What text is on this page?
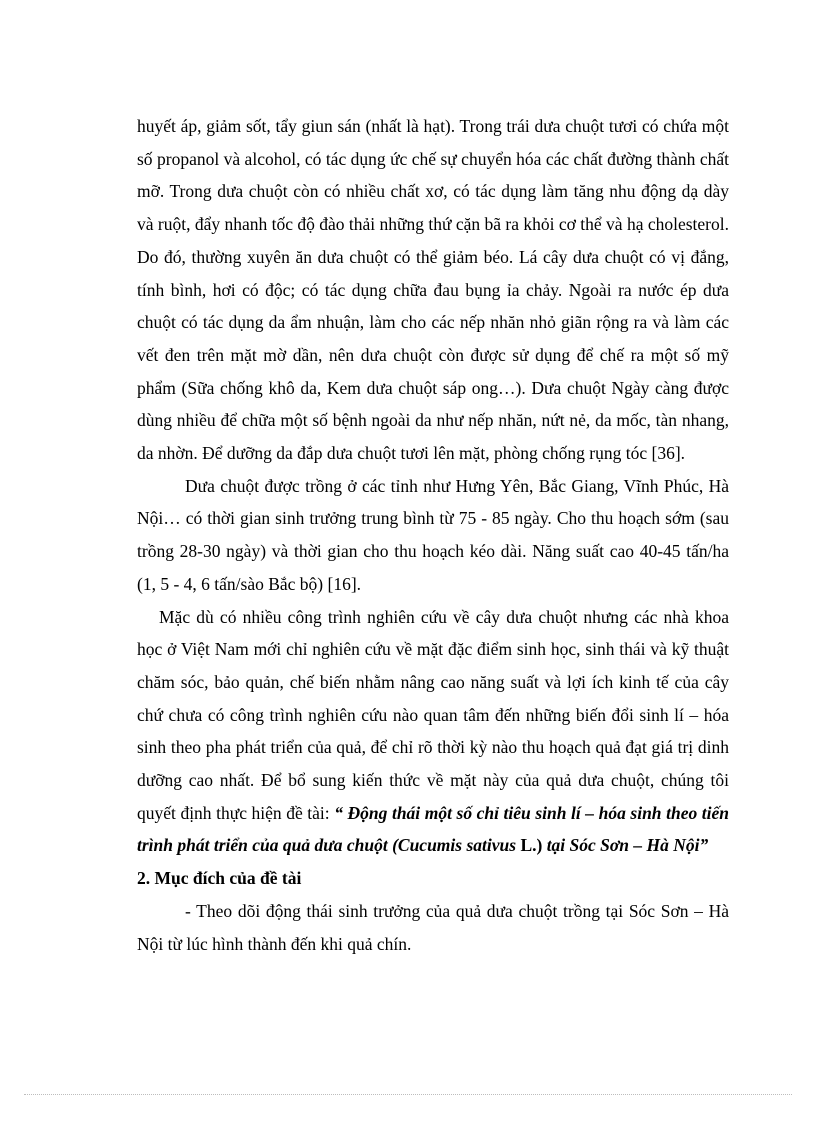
huyết áp, giảm sốt, tẩy giun sán (nhất là hạt). Trong trái dưa chuột tươi có chứa một số propanol và alcohol, có tác dụng ức chế sự chuyển hóa các chất đường thành chất mỡ. Trong dưa chuột còn có nhiều chất xơ, có tác dụng làm tăng nhu động dạ dày và ruột, đẩy nhanh tốc độ đào thải những thứ cặn bã ra khỏi cơ thể và hạ cholesterol. Do đó, thường xuyên ăn dưa chuột có thể giảm béo. Lá cây dưa chuột có vị đắng, tính bình, hơi có độc; có tác dụng chữa đau bụng ỉa chảy. Ngoài ra nước ép dưa chuột có tác dụng da ẩm nhuận, làm cho các nếp nhăn nhỏ giãn rộng ra và làm các vết đen trên mặt mờ dần, nên dưa chuột còn được sử dụng để chế ra một số mỹ phẩm (Sữa chống khô da, Kem dưa chuột sáp ong…). Dưa chuột Ngày càng được dùng nhiều để chữa một số bệnh ngoài da như nếp nhăn, nứt nẻ, da mốc, tàn nhang, da nhờn. Để dưỡng da đắp dưa chuột tươi lên mặt, phòng chống rụng tóc [36].

Dưa chuột được trồng ở các tỉnh như Hưng Yên, Bắc Giang, Vĩnh Phúc, Hà Nội… có thời gian sinh trưởng trung bình từ 75 - 85 ngày. Cho thu hoạch sớm (sau trồng 28-30 ngày) và thời gian cho thu hoạch kéo dài. Năng suất cao 40-45 tấn/ha (1, 5 - 4, 6 tấn/sào Bắc bộ) [16].

Mặc dù có nhiều công trình nghiên cứu về cây dưa chuột nhưng các nhà khoa học ở Việt Nam mới chỉ nghiên cứu về mặt đặc điểm sinh học, sinh thái và kỹ thuật chăm sóc, bảo quản, chế biến nhằm nâng cao năng suất và lợi ích kinh tế của cây chứ chưa có công trình nghiên cứu nào quan tâm đến những biến đổi sinh lí – hóa sinh theo pha phát triển của quả, để chỉ rõ thời kỳ nào thu hoạch quả đạt giá trị dinh dưỡng cao nhất. Để bổ sung kiến thức về mặt này của quả dưa chuột, chúng tôi quyết định thực hiện đề tài: “ Động thái một số chỉ tiêu sinh lí – hóa sinh theo tiến trình phát triển của quả dưa chuột (Cucumis sativus L.) tại Sóc Sơn – Hà Nội”

2. Mục đích của đề tài

- Theo dõi động thái sinh trưởng của quả dưa chuột trồng tại Sóc Sơn – Hà Nội từ lúc hình thành đến khi quả chín.
